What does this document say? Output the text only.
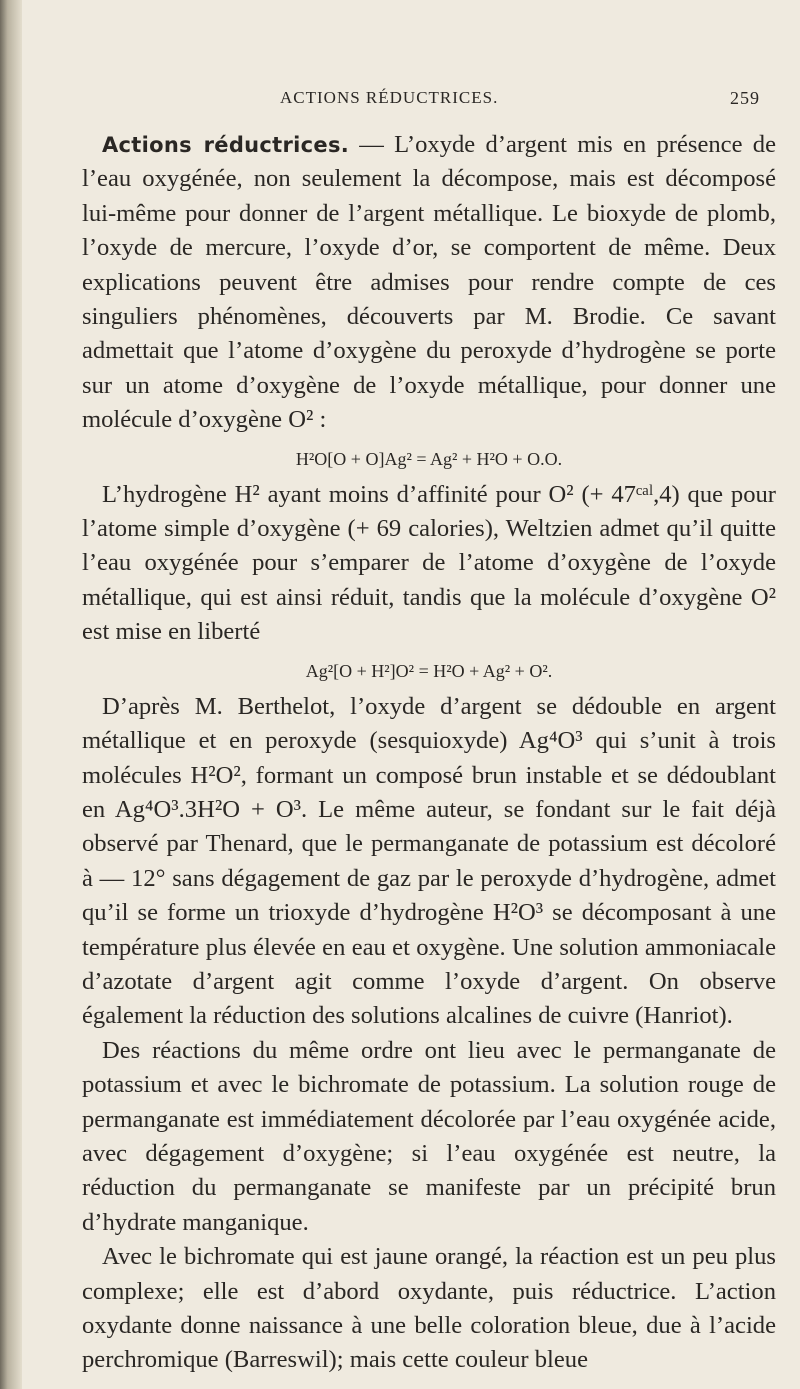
ACTIONS RÉDUCTRICES.	259

Actions réductrices. — L’oxyde d’argent mis en présence de l’eau oxygénée, non seulement la décompose, mais est décomposé lui-même pour donner de l’argent métallique. Le bioxyde de plomb, l’oxyde de mercure, l’oxyde d’or, se comportent de même. Deux explications peuvent être admises pour rendre compte de ces singuliers phénomènes, découverts par M. Brodie. Ce savant admettait que l’atome d’oxygène du peroxyde d’hydrogène se porte sur un atome d’oxygène de l’oxyde métallique, pour donner une molécule d’oxygène O² :

H²O[O + O]Ag² = Ag² + H²O + O.O.

L’hydrogène H² ayant moins d’affinité pour O² (+ 47ᶜᵃˡ,4) que pour l’atome simple d’oxygène (+ 69 calories), Weltzien admet qu’il quitte l’eau oxygénée pour s’emparer de l’atome d’oxygène de l’oxyde métallique, qui est ainsi réduit, tandis que la molécule d’oxygène O² est mise en liberté

Ag²[O + H²]O² = H²O + Ag² + O².

D’après M. Berthelot, l’oxyde d’argent se dédouble en argent métallique et en peroxyde (sesquioxyde) Ag⁴O³ qui s’unit à trois molécules H²O², formant un composé brun instable et se dédoublant en Ag⁴O³.3H²O + O³. Le même auteur, se fondant sur le fait déjà observé par Thenard, que le permanganate de potassium est décoloré à — 12° sans dégagement de gaz par le peroxyde d’hydrogène, admet qu’il se forme un trioxyde d’hydrogène H²O³ se décomposant à une température plus élevée en eau et oxygène. Une solution ammoniacale d’azotate d’argent agit comme l’oxyde d’argent. On observe également la réduction des solutions alcalines de cuivre (Hanriot).

Des réactions du même ordre ont lieu avec le permanganate de potassium et avec le bichromate de potassium. La solution rouge de permanganate est immédiatement décolorée par l’eau oxygénée acide, avec dégagement d’oxygène; si l’eau oxygénée est neutre, la réduction du permanganate se manifeste par un précipité brun d’hydrate manganique.

Avec le bichromate qui est jaune orangé, la réaction est un peu plus complexe; elle est d’abord oxydante, puis réductrice. L’action oxydante donne naissance à une belle coloration bleue, due à l’acide perchromique (Barreswil); mais cette couleur bleue
